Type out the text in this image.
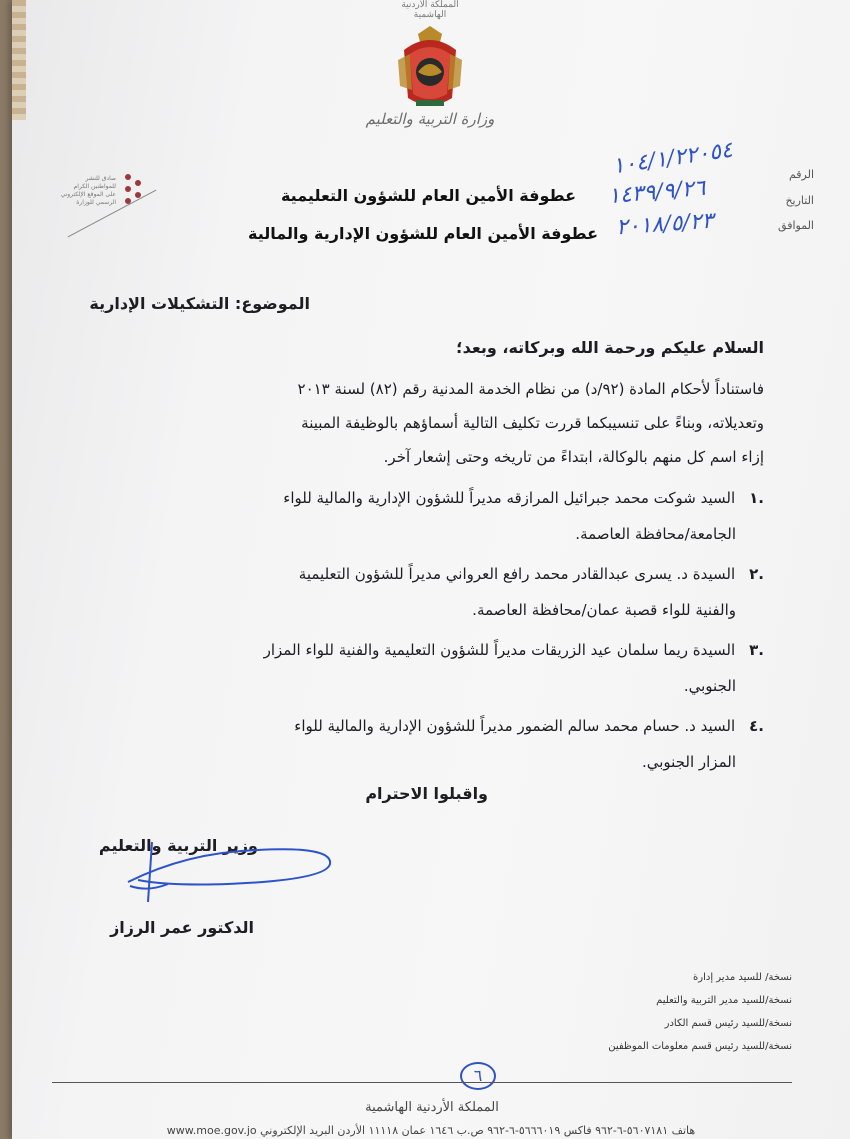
المملكة الأردنية الهاشمية
وزارة التربية والتعليم
صادق للنشر
للمواطنين الكرام
على الموقع الإلكتروني
الرسمي للوزارة
الرقم
التاريخ
الموافق
١٠٤/١/٢٢٠٥٤
١٤٣٩/٩/٢٦
٢٠١٨/٥/٢٣
عطوفة الأمين العام للشؤون التعليمية
عطوفة الأمين العام للشؤون الإدارية والمالية
الموضوع: التشكيلات الإدارية
السلام عليكم ورحمة الله وبركاته، وبعد؛
فاستناداً لأحكام المادة (٩٢/د) من نظام الخدمة المدنية رقم (٨٢) لسنة ٢٠١٣
وتعديلاته، وبناءً على تنسيبكما قررت تكليف التالية أسماؤهم بالوظيفة المبينة
إزاء اسم كل منهم بالوكالة، ابتداءً من تاريخه وحتى إشعار آخر.
.١السيد شوكت محمد جبرائيل المرازقه مديراً للشؤون الإدارية والمالية للواء
الجامعة/محافظة العاصمة.
.٢السيدة د. يسرى عبدالقادر محمد رافع العرواني مديراً للشؤون التعليمية
والفنية للواء قصبة عمان/محافظة العاصمة.
.٣السيدة ريما سلمان عيد الزريقات مديراً للشؤون التعليمية والفنية للواء المزار
الجنوبي.
.٤السيد د. حسام محمد سالم الضمور مديراً للشؤون الإدارية والمالية للواء
المزار الجنوبي.
واقبلوا الاحترام
وزير التربية والتعليم
الدكتور عمر الرزاز
نسخة/ للسيد مدير إدارة
نسخة/للسيد مدير التربية والتعليم
نسخة/للسيد رئيس قسم الكادر
نسخة/للسيد رئيس قسم معلومات الموظفين
٦
المملكة الأردنية الهاشمية
www.moe.gov.jo هاتف ٥٦٠٧١٨١-٦-٩٦٢ فاكس ٥٦٦٦٠١٩-٦-٩٦٢ ص.ب ١٦٤٦ عمان ١١١١٨ الأردن البريد الإلكتروني
